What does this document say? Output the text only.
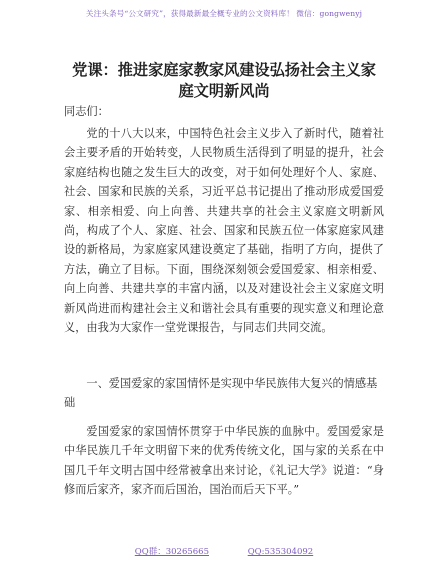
关注头条号“公文研究”，获得最新最全概专业的公文资料库！ 微信：gongwenyj
党课：推进家庭家教家风建设弘扬社会主义家
庭文明新风尚

同志们：

党的十八大以来，中国特色社会主义步入了新时代，随着社会主要矛盾的开始转变，人民物质生活得到了明显的提升，社会家庭结构也随之发生巨大的改变，对于如何处理好个人、家庭、社会、国家和民族的关系，习近平总书记提出了推动形成爱国爱家、相亲相爱、向上向善、共建共享的社会主义家庭文明新风尚，构成了个人、家庭、社会、国家和民族五位一体家庭家风建设的新格局，为家庭家风建设奠定了基础，指明了方向，提供了方法，确立了目标。下面，围绕深刻领会爱国爱家、相亲相爱、向上向善、共建共享的丰富内涵，以及对建设社会主义家庭文明新风尚进而构建社会主义和谐社会具有重要的现实意义和理论意义，由我为大家作一堂党课报告，与同志们共同交流。

一、爱国爱家的家国情怀是实现中华民族伟大复兴的情感基础

爱国爱家的家国情怀贯穿于中华民族的血脉中。爱国爱家是中华民族几千年文明留下来的优秀传统文化，国与家的关系在中国几千年文明古国中经常被拿出来讨论，《礼记大学》说道：“身修而后家齐，家齐而后国治，国治而后天下平。”

QQ群：30265665	QQ:535304092
